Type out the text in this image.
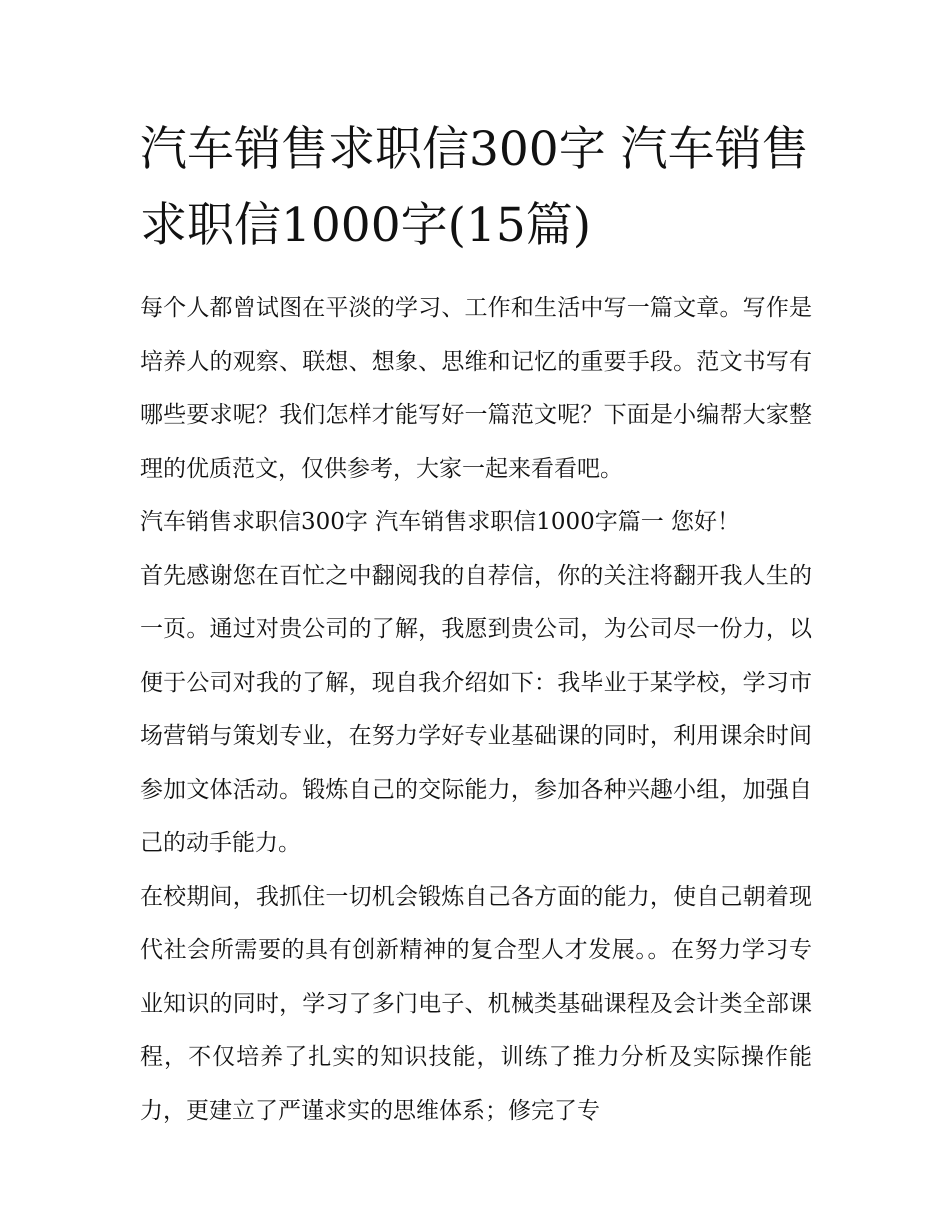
汽车销售求职信300字 汽车销售求职信1000字(15篇)

每个人都曾试图在平淡的学习、工作和生活中写一篇文章。写作是培养人的观察、联想、想象、思维和记忆的重要手段。范文书写有哪些要求呢？我们怎样才能写好一篇范文呢？下面是小编帮大家整理的优质范文，仅供参考，大家一起来看看吧。

汽车销售求职信300字 汽车销售求职信1000字篇一 您好！

首先感谢您在百忙之中翻阅我的自荐信，你的关注将翻开我人生的一页。通过对贵公司的了解，我愿到贵公司，为公司尽一份力，以便于公司对我的了解，现自我介绍如下：我毕业于某学校，学习市场营销与策划专业，在努力学好专业基础课的同时，利用课余时间参加文体活动。锻炼自己的交际能力，参加各种兴趣小组，加强自己的动手能力。

在校期间，我抓住一切机会锻炼自己各方面的能力，使自己朝着现代社会所需要的具有创新精神的复合型人才发展。。在努力学习专业知识的同时，学习了多门电子、机械类基础课程及会计类全部课程，不仅培养了扎实的知识技能，训练了推力分析及实际操作能力，更建立了严谨求实的思维体系；修完了专
